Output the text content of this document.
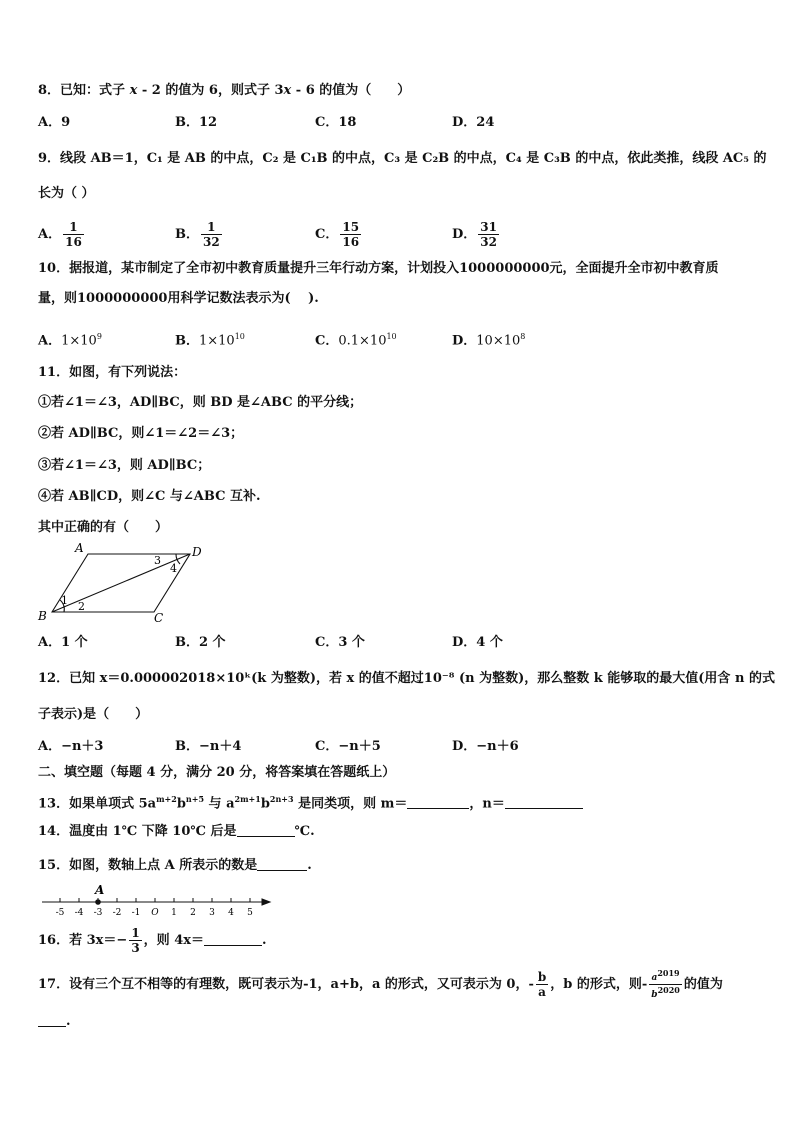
8．已知：式子 x - 2 的值为 6，则式子 3x - 6 的值为（　　）
A．9	B．12	C．18	D．24
9．线段 AB＝1，C₁ 是 AB 的中点，C₂ 是 C₁B 的中点，C₃ 是 C₂B 的中点，C₄ 是 C₃B 的中点，依此类推，线段 AC₅ 的
长为（ ）
A． $\frac{1}{16}$	B． $\frac{1}{32}$	C． $\frac{15}{16}$	D． $\frac{31}{32}$
10．据报道，某市制定了全市初中教育质量提升三年行动方案，计划投入1000000000元，全面提升全市初中教育质
量，则1000000000用科学记数法表示为(　 ).
A．$1\times 10^9$	B．$1\times 10^{10}$	C．$0.1\times 10^{10}$	D．$10\times 10^8$
11．如图，有下列说法：
①若∠1＝∠3，AD∥BC，则 BD 是∠ABC 的平分线；
②若 AD∥BC，则∠1＝∠2＝∠3；
③若∠1＝∠3，则 AD∥BC；
④若 AB∥CD，则∠C 与∠ABC 互补.
其中正确的有（　　）
A
B	C
D
1 2
3
4
A．1 个	B．2 个	C．3 个	D．4 个
12．已知 x＝0.000002018×10ᵏ(k 为整数)，若 x 的值不超过10⁻⁸ (n 为整数)，那么整数 k 能够取的最大值(用含 n 的式
子表示)是（　　）
A．−n＋3	B．−n＋4	C．−n＋5	D．−n＋6
二、填空题（每题 4 分，满分 20 分，将答案填在答题纸上）
13．如果单项式 $5a^{m+2}b^{n+5}$ 与 $a^{2m+1}b^{2n+3}$ 是同类项，则 m＝	，n＝
14．温度由 1℃ 下降 10℃ 后是	℃.
15．如图，数轴上点 A 所表示的数是	.
-5 -4 -3 -2 -1 O 1 2 3 4 5
A
16．若 $3x=- \frac{1}{3}$ ，则 4x＝	.
17．设有三个互不相等的有理数，既可表示为-1，a+b，a 的形式，又可表示为 0，- $\frac{b}{a}$ ，b 的形式，则- $\frac{a^{2019}}{b^{2020}}$ 的值为
.
